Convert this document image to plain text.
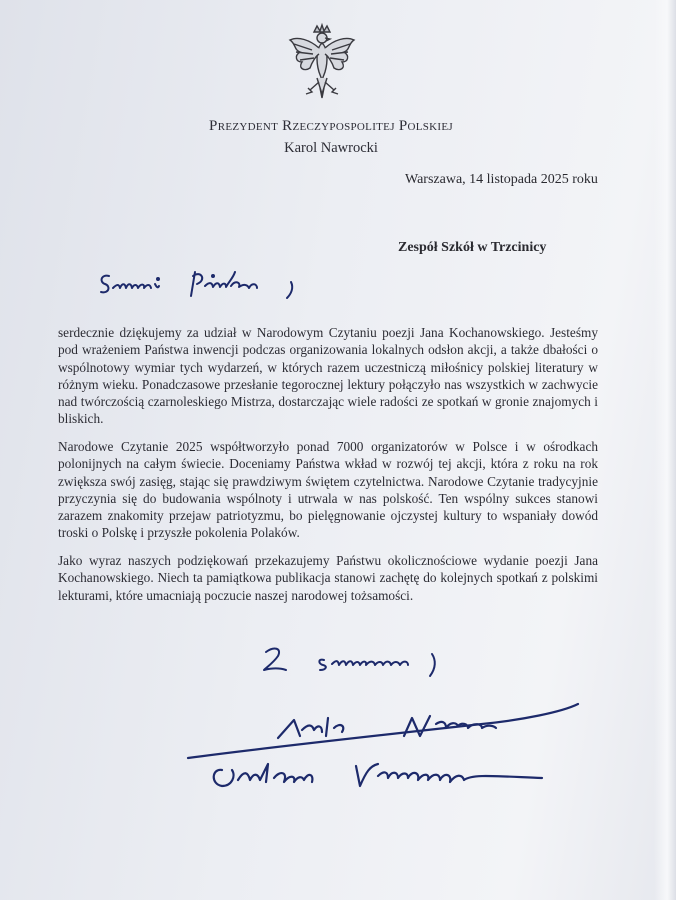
Prezydent Rzeczypospolitej Polskiej
Karol Nawrocki
Warszawa, 14 listopada 2025 roku
Zespół Szkół w Trzcinicy
serdecznie dziękujemy za udział w Narodowym Czytaniu poezji Jana Kochanowskiego. Jesteśmy pod wrażeniem Państwa inwencji podczas organizowania lokalnych odsłon akcji, a także dbałości o wspólnotowy wymiar tych wydarzeń, w których razem uczestniczą miłośnicy polskiej literatury w różnym wieku. Ponadczasowe przesłanie tegorocznej lektury połączyło nas wszystkich w zachwycie nad twórczością czarnoleskiego Mistrza, dostarczając wiele radości ze spotkań w gronie znajomych i bliskich.
Narodowe Czytanie 2025 współtworzyło ponad 7000 organizatorów w Polsce i w ośrodkach polonijnych na całym świecie. Doceniamy Państwa wkład w rozwój tej akcji, która z roku na rok zwiększa swój zasięg, stając się prawdziwym świętem czytelnictwa. Narodowe Czytanie tradycyjnie przyczynia się do budowania wspólnoty i utrwala w nas polskość. Ten wspólny sukces stanowi zarazem znakomity przejaw patriotyzmu, bo pielęgnowanie ojczystej kultury to wspaniały dowód troski o Polskę i przyszłe pokolenia Polaków.
Jako wyraz naszych podziękowań przekazujemy Państwu okolicznościowe wydanie poezji Jana Kochanowskiego. Niech ta pamiątkowa publikacja stanowi zachętę do kolejnych spotkań z polskimi lekturami, które umacniają poczucie naszej narodowej tożsamości.
